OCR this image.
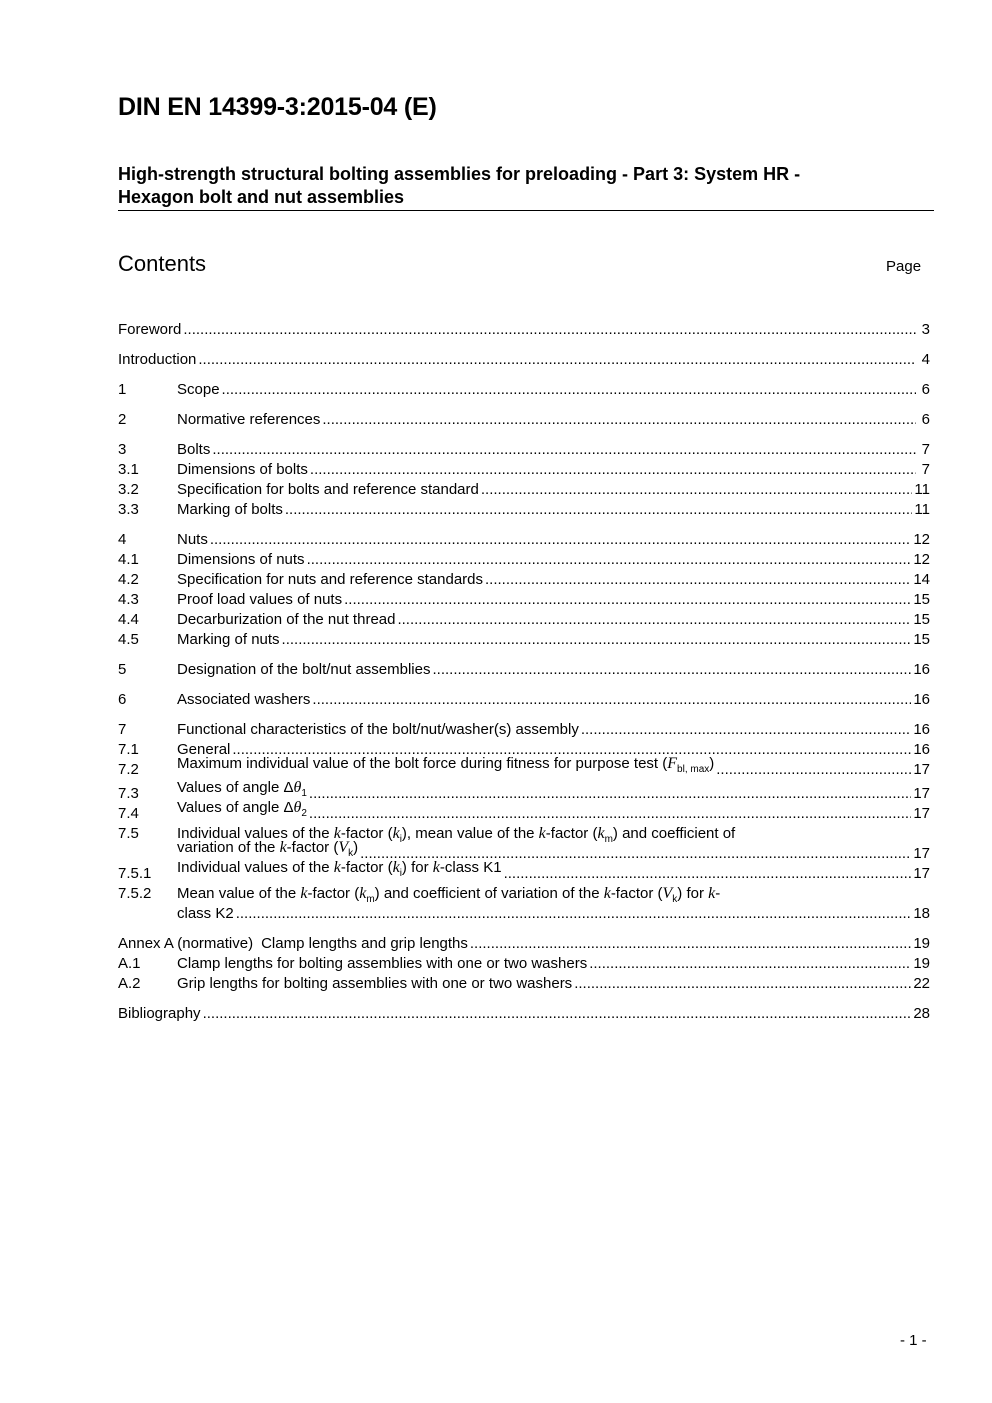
DIN EN 14399-3:2015-04 (E)
High-strength structural bolting assemblies for preloading - Part 3: System HR -
Hexagon bolt and nut assemblies
Contents	Page
Foreword .....	3
Introduction .....	4
1	Scope .....	6
2	Normative references .....	6
3	Bolts .....	7
3.1	Dimensions of bolts .....	7
3.2	Specification for bolts and reference standard .....	11
3.3	Marking of bolts .....	11
4	Nuts .....	12
4.1	Dimensions of nuts .....	12
4.2	Specification for nuts and reference standards .....	14
4.3	Proof load values of nuts .....	15
4.4	Decarburization of the nut thread .....	15
4.5	Marking of nuts .....	15
5	Designation of the bolt/nut assemblies .....	16
6	Associated washers .....	16
7	Functional characteristics of the bolt/nut/washer(s) assembly .....	16
7.1	General .....	16
7.2	Maximum individual value of the bolt force during fitness for purpose test $(F_{bl, max})$ .....	17
7.3	Values of angle $\Delta\theta_1$ .....	17
7.4	Values of angle $\Delta\theta_2$ .....	17
7.5	Individual values of the k-factor $(k_i)$, mean value of the k-factor $(k_m)$ and coefficient of
variation of the k-factor $(V_k)$ .....	17
7.5.1	Individual values of the k-factor $(k_i)$ for k-class K1 .....	17
7.5.2	Mean value of the k-factor $(k_m)$ and coefficient of variation of the k-factor $(V_k)$ for k-
class K2 .....	18
Annex A (normative) Clamp lengths and grip lengths .....	19
A.1	Clamp lengths for bolting assemblies with one or two washers .....	19
A.2	Grip lengths for bolting assemblies with one or two washers .....	22
Bibliography .....	28
- 1 -
